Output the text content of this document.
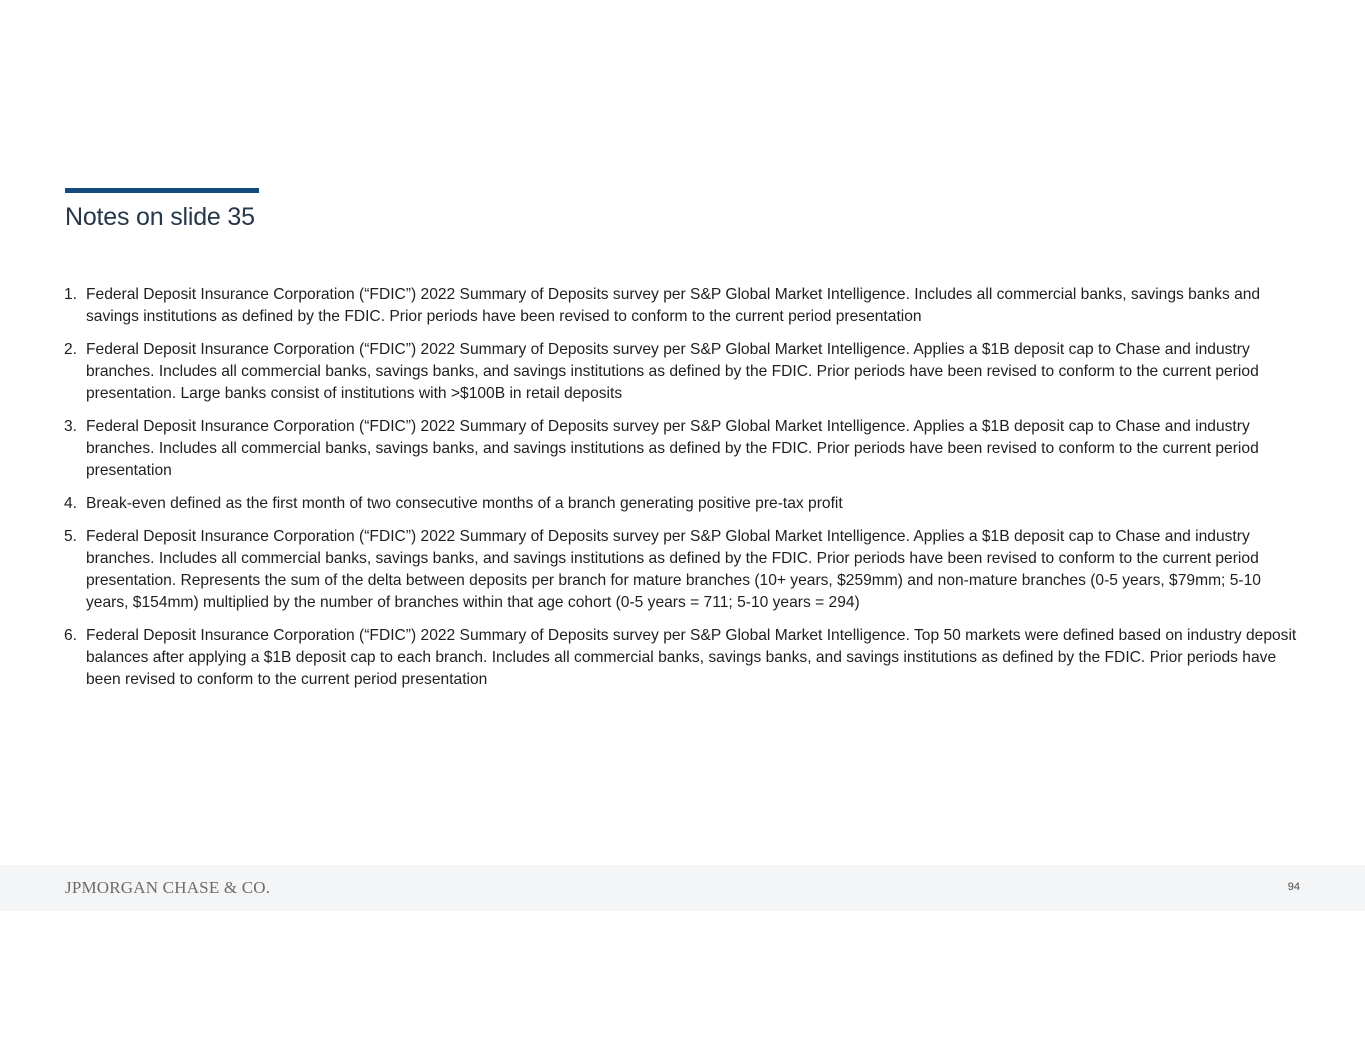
Notes on slide 35
1. Federal Deposit Insurance Corporation (“FDIC”) 2022 Summary of Deposits survey per S&P Global Market Intelligence. Includes all commercial banks, savings banks and savings institutions as defined by the FDIC. Prior periods have been revised to conform to the current period presentation
2. Federal Deposit Insurance Corporation (“FDIC”) 2022 Summary of Deposits survey per S&P Global Market Intelligence. Applies a $1B deposit cap to Chase and industry branches. Includes all commercial banks, savings banks, and savings institutions as defined by the FDIC. Prior periods have been revised to conform to the current period presentation. Large banks consist of institutions with >$100B in retail deposits
3. Federal Deposit Insurance Corporation (“FDIC”) 2022 Summary of Deposits survey per S&P Global Market Intelligence. Applies a $1B deposit cap to Chase and industry branches. Includes all commercial banks, savings banks, and savings institutions as defined by the FDIC. Prior periods have been revised to conform to the current period presentation
4. Break-even defined as the first month of two consecutive months of a branch generating positive pre-tax profit
5. Federal Deposit Insurance Corporation (“FDIC”) 2022 Summary of Deposits survey per S&P Global Market Intelligence. Applies a $1B deposit cap to Chase and industry branches. Includes all commercial banks, savings banks, and savings institutions as defined by the FDIC. Prior periods have been revised to conform to the current period presentation. Represents the sum of the delta between deposits per branch for mature branches (10+ years, $259mm) and non-mature branches (0-5 years, $79mm; 5-10 years, $154mm) multiplied by the number of branches within that age cohort (0-5 years = 711; 5-10 years = 294)
6. Federal Deposit Insurance Corporation (“FDIC”) 2022 Summary of Deposits survey per S&P Global Market Intelligence. Top 50 markets were defined based on industry deposit balances after applying a $1B deposit cap to each branch. Includes all commercial banks, savings banks, and savings institutions as defined by the FDIC. Prior periods have been revised to conform to the current period presentation
JPMORGAN CHASE & CO.	94
